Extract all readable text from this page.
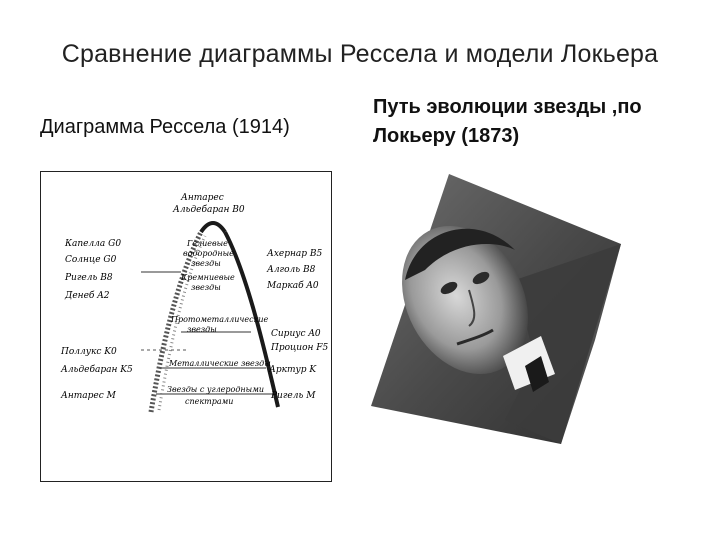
Сравнение диаграммы Рессела и модели Локьера
Диаграмма Рессела (1914)
Путь эволюции звезды ,по
Локьеру (1873)
Антарес
Альдебаран B0
Капелла G0
Солнце G0
Ригель B8
Денеб A2
Поллукс K0
Альдебаран K5
Антарес M
Ахернар B5
Алголь B8
Маркаб A0
Сириус A0
Процион F5
Арктур K
Ригель M
Гелиевые
водородные
звезды
Кремниевые
звезды
Протометаллические
звезды
Металлические звезды
Звезды с углеродными
спектрами
